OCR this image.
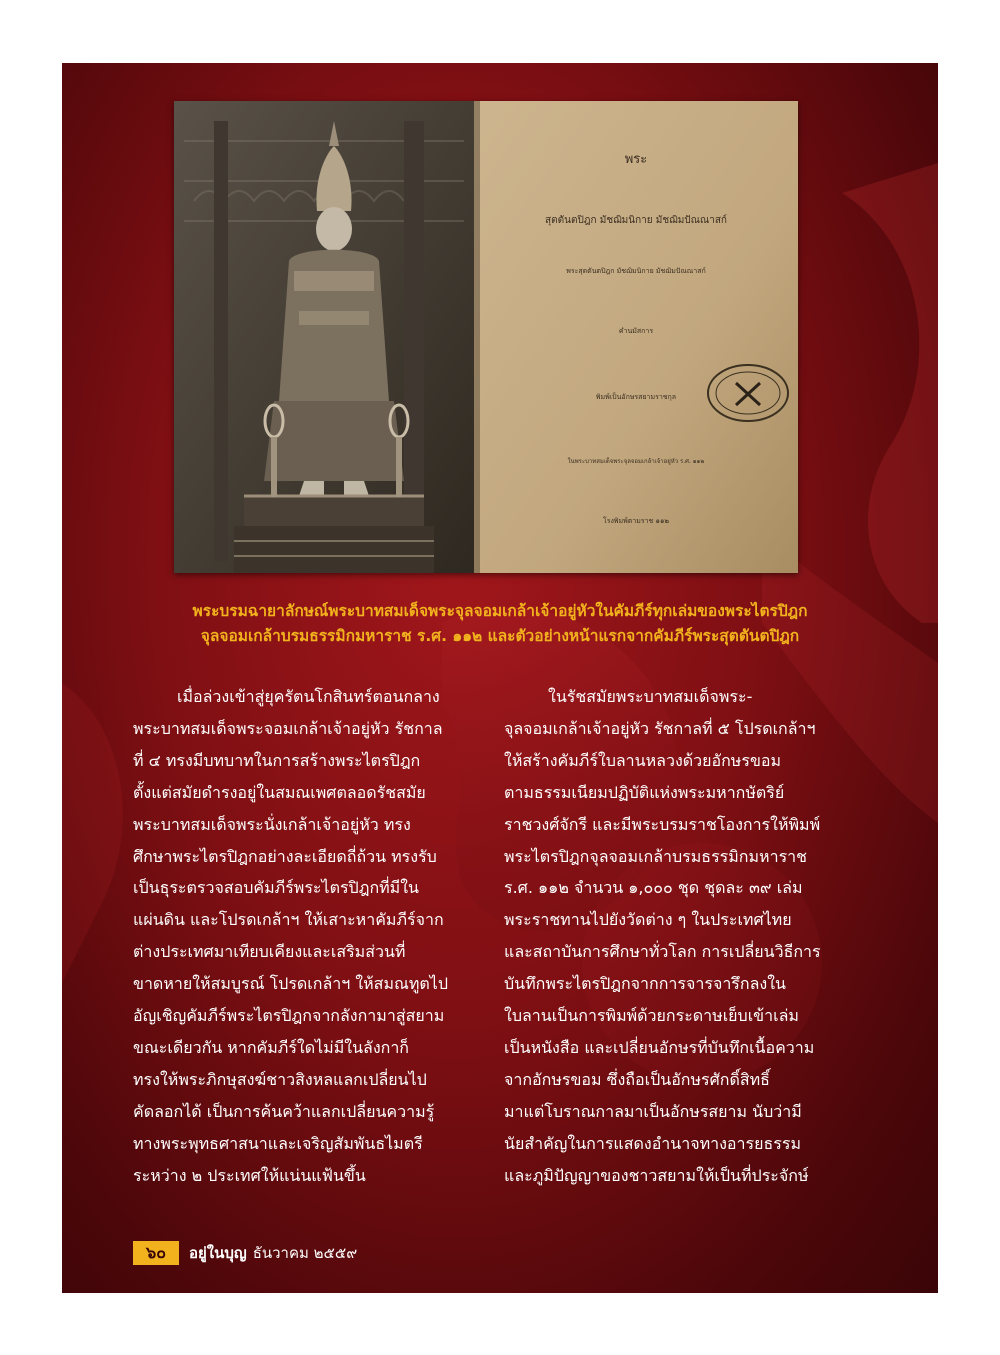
พระ
สุตตันตปิฎก มัชฌิมนิกาย มัชฌิมปัณณาสก์
พระสุตตันตปิฎก มัชฌิมนิกาย มัชฌิมปัณณาสก์
คำนมัสการ
พิมพ์เป็นอักษรสยามราชกุล
ในพระบาทสมเด็จพระจุลจอมเกล้าเจ้าอยู่หัว ร.ศ. ๑๑๒
โรงพิมพ์ตามราช ๑๑๒
พระบรมฉายาลักษณ์พระบาทสมเด็จพระจุลจอมเกล้าเจ้าอยู่หัวในคัมภีร์ทุกเล่มของพระไตรปิฎก
จุลจอมเกล้าบรมธรรมิกมหาราช ร.ศ. ๑๑๒ และตัวอย่างหน้าแรกจากคัมภีร์พระสุตตันตปิฎก
เมื่อล่วงเข้าสู่ยุครัตนโกสินทร์ตอนกลาง
พระบาทสมเด็จพระจอมเกล้าเจ้าอยู่หัว รัชกาล
ที่ ๔ ทรงมีบทบาทในการสร้างพระไตรปิฎก
ตั้งแต่สมัยดำรงอยู่ในสมณเพศตลอดรัชสมัย
พระบาทสมเด็จพระนั่งเกล้าเจ้าอยู่หัว ทรง
ศึกษาพระไตรปิฎกอย่างละเอียดถี่ถ้วน ทรงรับ
เป็นธุระตรวจสอบคัมภีร์พระไตรปิฎกที่มีใน
แผ่นดิน และโปรดเกล้าฯ ให้เสาะหาคัมภีร์จาก
ต่างประเทศมาเทียบเคียงและเสริมส่วนที่
ขาดหายให้สมบูรณ์ โปรดเกล้าฯ ให้สมณทูตไป
อัญเชิญคัมภีร์พระไตรปิฎกจากลังกามาสู่สยาม
ขณะเดียวกัน หากคัมภีร์ใดไม่มีในลังกาก็
ทรงให้พระภิกษุสงฆ์ชาวสิงหลแลกเปลี่ยนไป
คัดลอกได้ เป็นการค้นคว้าแลกเปลี่ยนความรู้
ทางพระพุทธศาสนาและเจริญสัมพันธไมตรี
ระหว่าง ๒ ประเทศให้แน่นแฟ้นขึ้น
ในรัชสมัยพระบาทสมเด็จพระ-
จุลจอมเกล้าเจ้าอยู่หัว รัชกาลที่ ๕ โปรดเกล้าฯ
ให้สร้างคัมภีร์ใบลานหลวงด้วยอักษรขอม
ตามธรรมเนียมปฏิบัติแห่งพระมหากษัตริย์
ราชวงศ์จักรี และมีพระบรมราชโองการให้พิมพ์
พระไตรปิฎกจุลจอมเกล้าบรมธรรมิกมหาราช
ร.ศ. ๑๑๒ จำนวน ๑,๐๐๐ ชุด ชุดละ ๓๙ เล่ม
พระราชทานไปยังวัดต่าง ๆ ในประเทศไทย
และสถาบันการศึกษาทั่วโลก การเปลี่ยนวิธีการ
บันทึกพระไตรปิฎกจากการจารจารึกลงใน
ใบลานเป็นการพิมพ์ด้วยกระดาษเย็บเข้าเล่ม
เป็นหนังสือ และเปลี่ยนอักษรที่บันทึกเนื้อความ
จากอักษรขอม ซึ่งถือเป็นอักษรศักดิ์สิทธิ์
มาแต่โบราณกาลมาเป็นอักษรสยาม นับว่ามี
นัยสำคัญในการแสดงอำนาจทางอารยธรรม
และภูมิปัญญาของชาวสยามให้เป็นที่ประจักษ์
๖๐	อยู่ในบุญ ธันวาคม ๒๕๕๙
